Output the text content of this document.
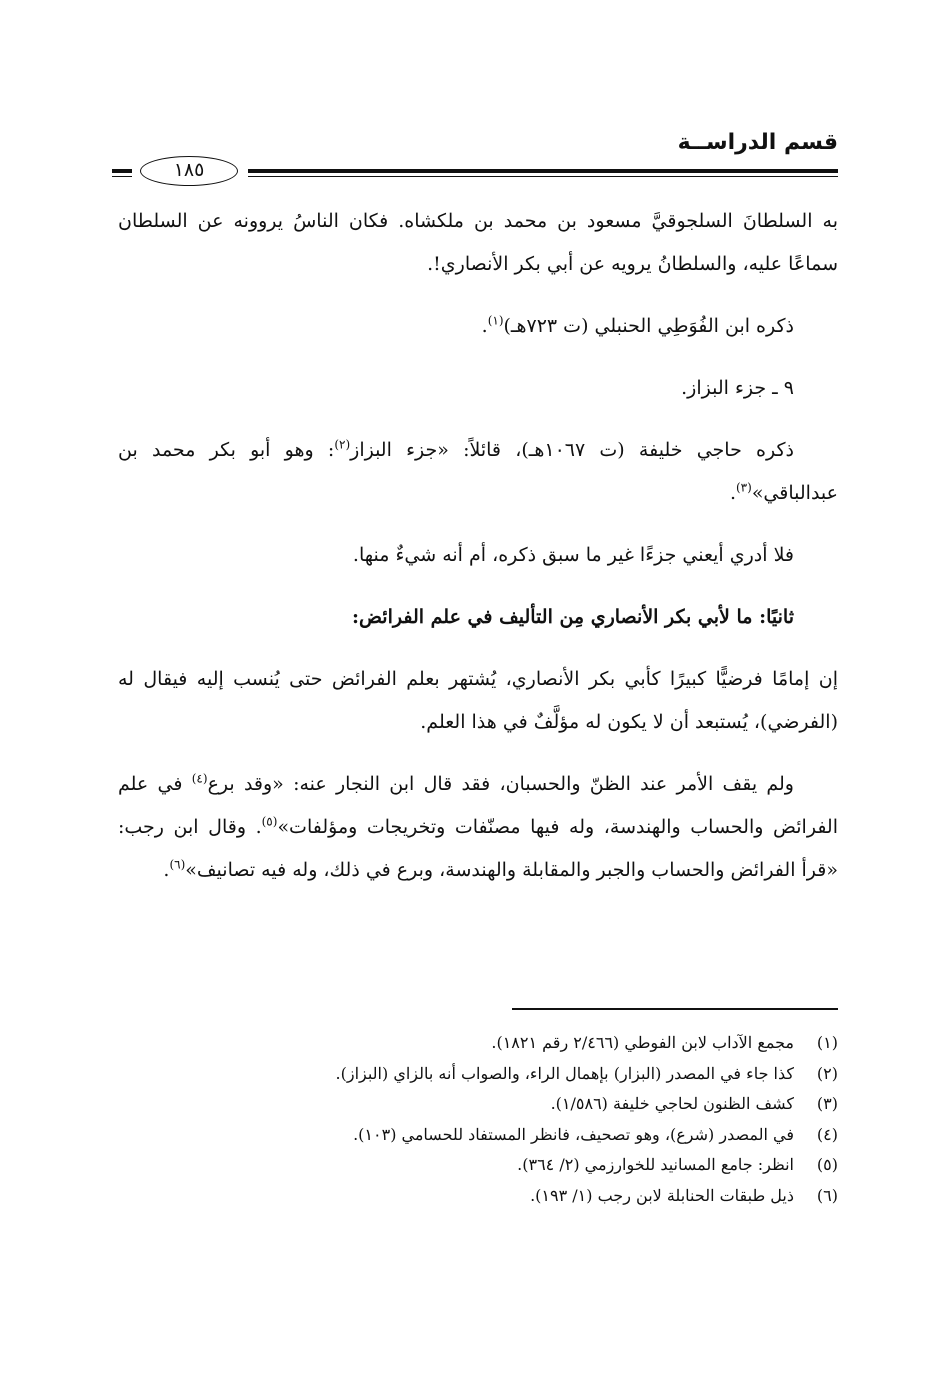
قسم الدراســة
١٨٥

به السلطانَ السلجوقيَّ مسعود بن محمد بن ملكشاه. فكان الناسُ يروونه عن السلطان سماعًا عليه، والسلطانُ يرويه عن أبي بكر الأنصاري!.

ذكره ابن الفُوَطِي الحنبلي (ت ٧٢٣هـ)$^{(١)}$.

٩ ـ جزء البزاز.

ذكره حاجي خليفة (ت ١٠٦٧هـ)، قائلاً: «جزء البزاز$^{(٢)}$: وهو أبو بكر محمد بن عبدالباقي»$^{(٣)}$.

فلا أدري أيعني جزءًا غير ما سبق ذكره، أم أنه شيءٌ منها.

ثانيًا: ما لأبي بكر الأنصاري مِن التأليف في علم الفرائض:

إن إمامًا فرضيًّا كبيرًا كأبي بكر الأنصاري، يُشتهر بعلم الفرائض حتى يُنسب إليه فيقال له (الفرضي)، يُستبعد أن لا يكون له مؤلَّفٌ في هذا العلم.

ولم يقف الأمر عند الظنّ والحسبان، فقد قال ابن النجار عنه: «وقد برع$^{(٤)}$ في علم الفرائض والحساب والهندسة، وله فيها مصنّفات وتخريجات ومؤلفات»$^{(٥)}$. وقال ابن رجب: «قرأ الفرائض والحساب والجبر والمقابلة والهندسة، وبرع في ذلك، وله فيه تصانيف»$^{(٦)}$.

(١)مجمع الآداب لابن الفوطي (٢/٤٦٦ رقم ١٨٢١).
(٢)كذا جاء في المصدر (البزار) بإهمال الراء، والصواب أنه بالزاي (البزاز).
(٣)كشف الظنون لحاجي خليفة (١/٥٨٦).
(٤)في المصدر (شرع)، وهو تصحيف، فانظر المستفاد للحسامي (١٠٣).
(٥)انظر: جامع المسانيد للخوارزمي (٢/ ٣٦٤).
(٦)ذيل طبقات الحنابلة لابن رجب (١/ ١٩٣).
